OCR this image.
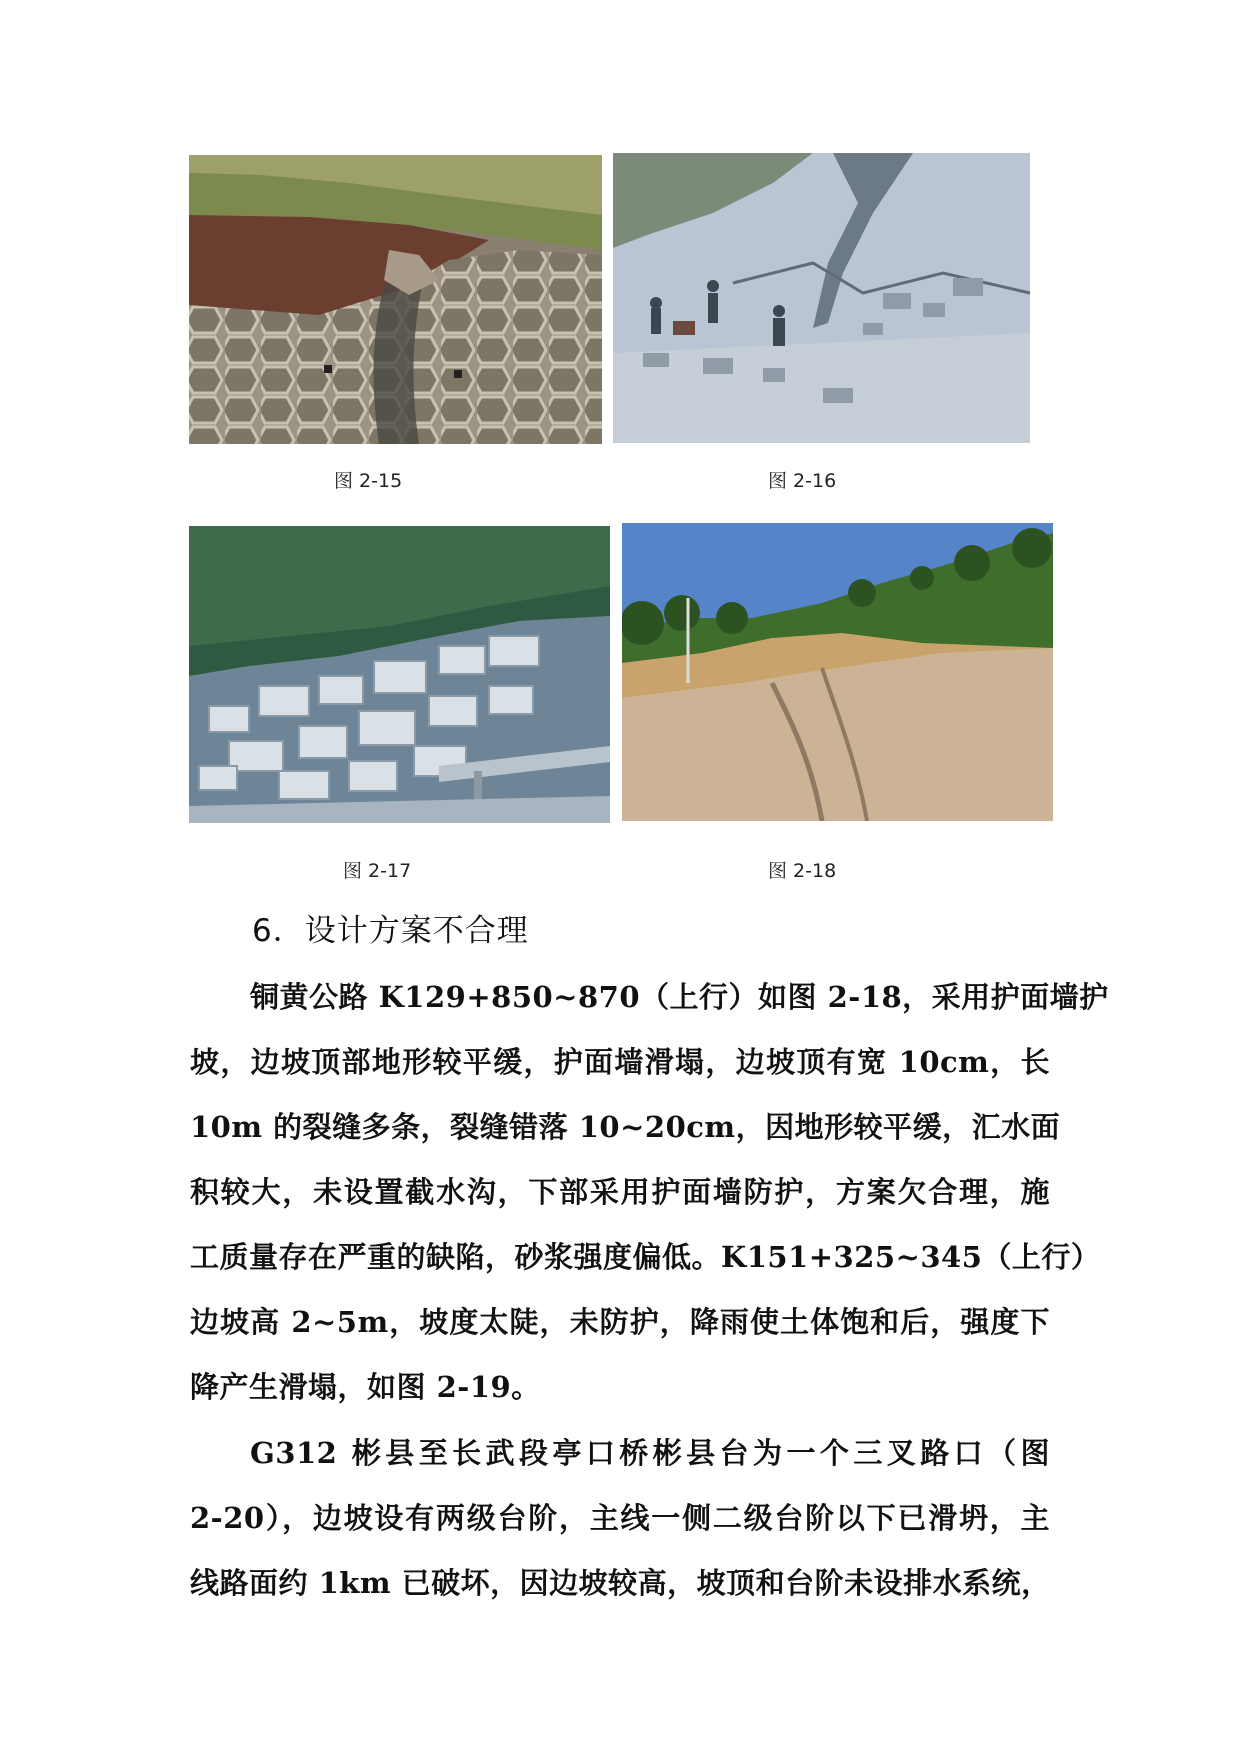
图 2-15	图 2-16
图 2-17	图 2-18
6．设计方案不合理
铜黄公路 K129+850~870（上行）如图 2-18，采用护面墙护
坡，边坡顶部地形较平缓，护面墙滑塌，边坡顶有宽 10cm，长
10m 的裂缝多条，裂缝错落 10~20cm，因地形较平缓，汇水面
积较大，未设置截水沟，下部采用护面墙防护，方案欠合理，施
工质量存在严重的缺陷，砂浆强度偏低。K151+325~345（上行）
边坡高 2~5m，坡度太陡，未防护，降雨使土体饱和后，强度下
降产生滑塌，如图 2-19。
G312 彬县至长武段亭口桥彬县台为一个三叉路口（图
2-20），边坡设有两级台阶，主线一侧二级台阶以下已滑坍，主
线路面约 1km 已破坏，因边坡较高，坡顶和台阶未设排水系统，
